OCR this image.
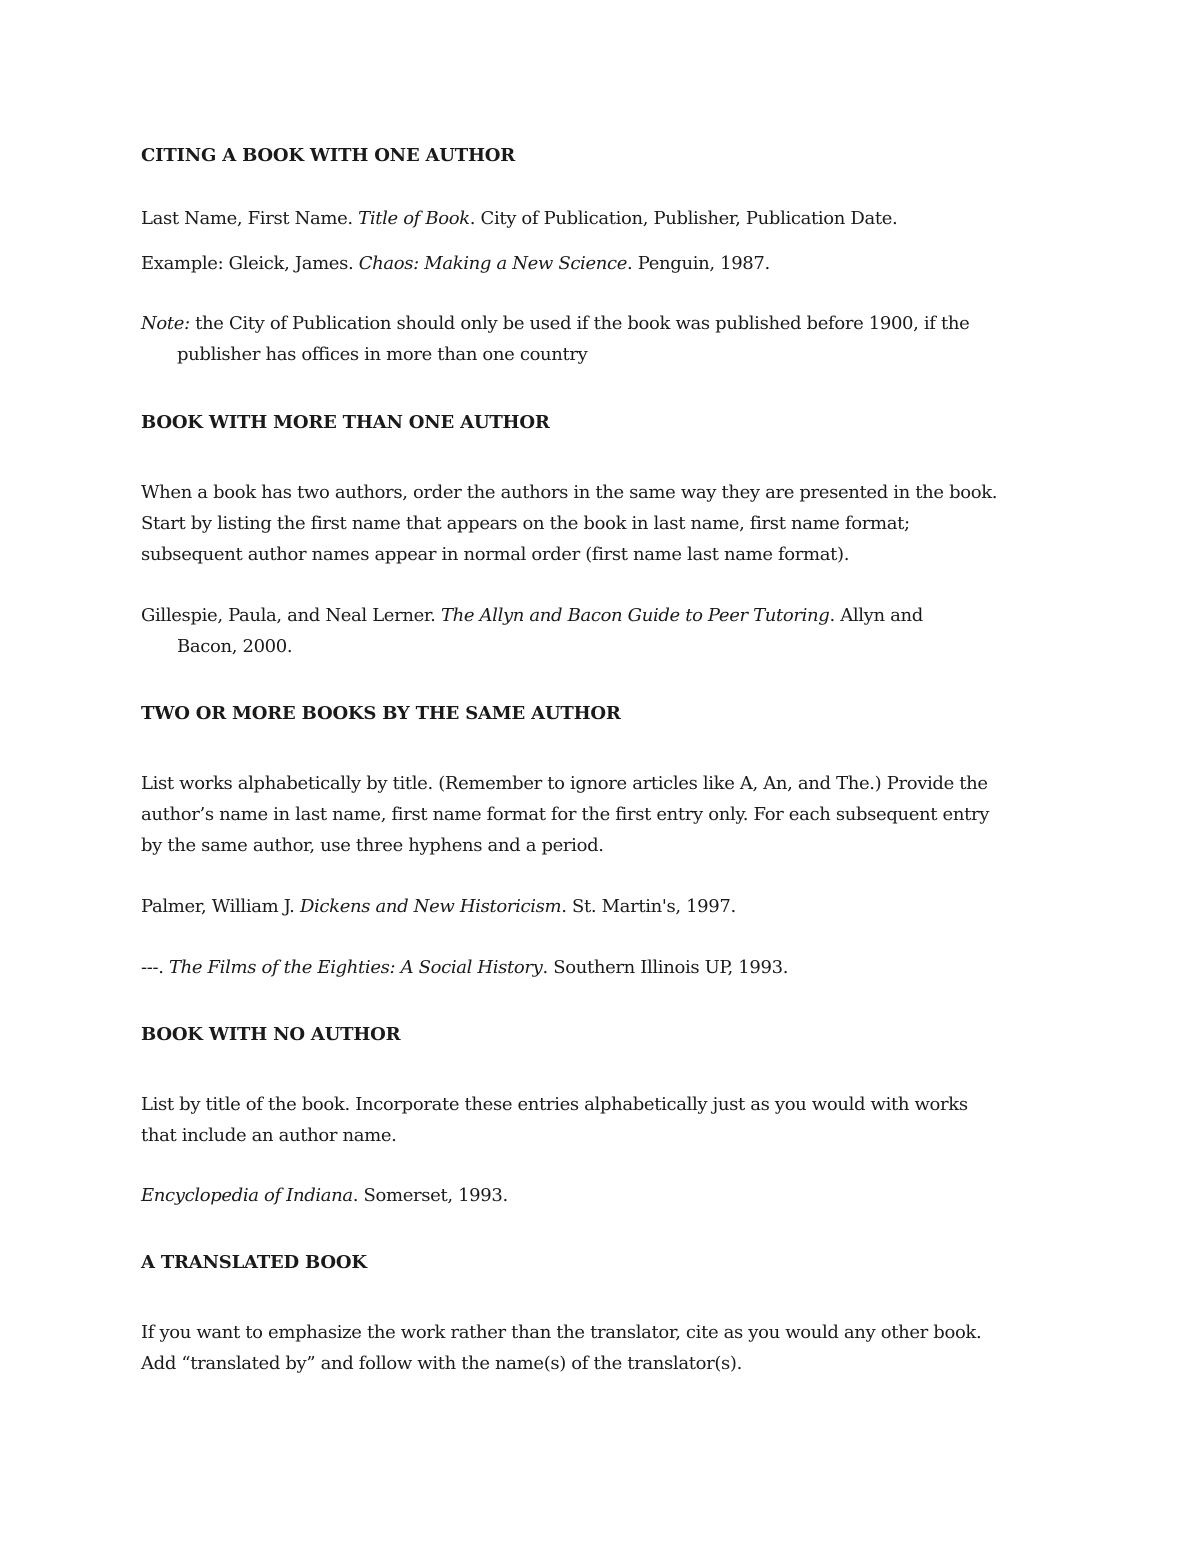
CITING A BOOK WITH ONE AUTHOR
Last Name, First Name. Title of Book. City of Publication, Publisher, Publication Date.
Example: Gleick, James. Chaos: Making a New Science. Penguin, 1987.
Note: the City of Publication should only be used if the book was published before 1900, if the
publisher has offices in more than one country
BOOK WITH MORE THAN ONE AUTHOR
When a book has two authors, order the authors in the same way they are presented in the book.
Start by listing the first name that appears on the book in last name, first name format;
subsequent author names appear in normal order (first name last name format).
Gillespie, Paula, and Neal Lerner. The Allyn and Bacon Guide to Peer Tutoring. Allyn and
Bacon, 2000.
TWO OR MORE BOOKS BY THE SAME AUTHOR
List works alphabetically by title. (Remember to ignore articles like A, An, and The.) Provide the
author’s name in last name, first name format for the first entry only. For each subsequent entry
by the same author, use three hyphens and a period.
Palmer, William J. Dickens and New Historicism. St. Martin's, 1997.
---. The Films of the Eighties: A Social History. Southern Illinois UP, 1993.
BOOK WITH NO AUTHOR
List by title of the book. Incorporate these entries alphabetically just as you would with works
that include an author name.
Encyclopedia of Indiana. Somerset, 1993.
A TRANSLATED BOOK
If you want to emphasize the work rather than the translator, cite as you would any other book.
Add “translated by” and follow with the name(s) of the translator(s).
